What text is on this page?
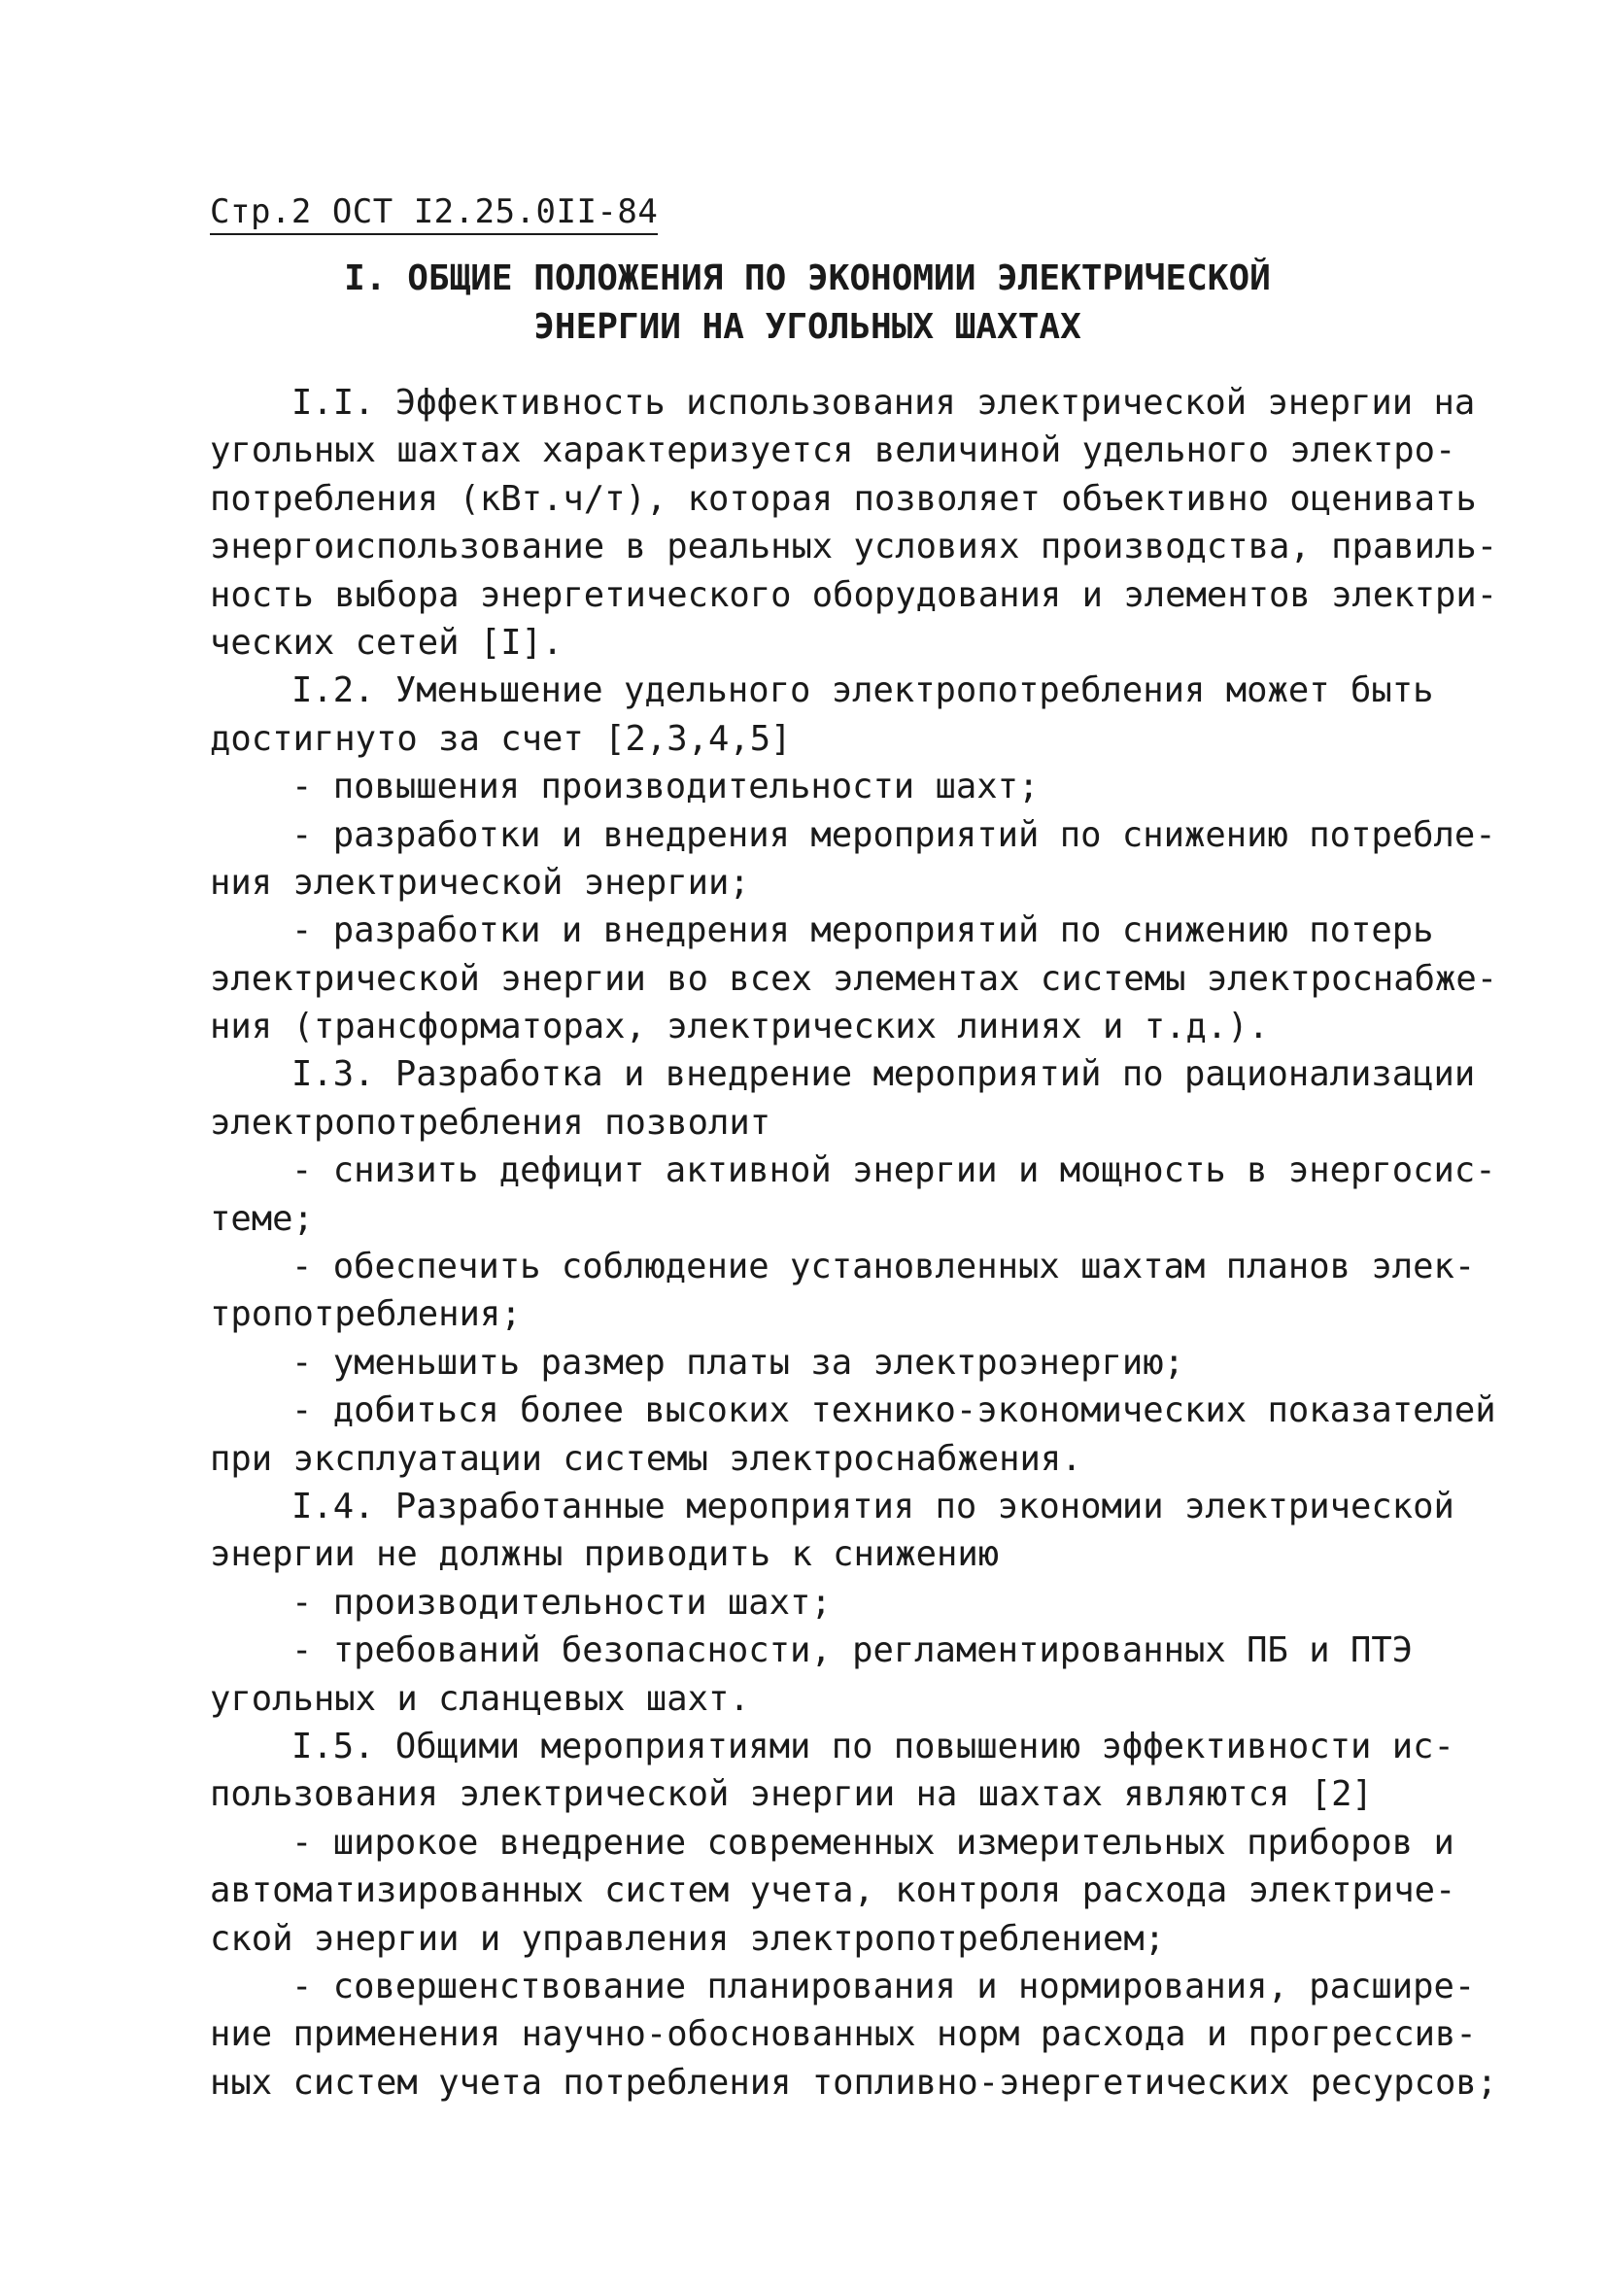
Стр.2 ОСТ I2.25.0II-84
I. ОБЩИЕ ПОЛОЖЕНИЯ ПО ЭКОНОМИИ ЭЛЕКТРИЧЕСКОЙ
ЭНЕРГИИ НА УГОЛЬНЫХ ШАХТАХ
I.I. Эффективность использования электрической энергии на
угольных шахтах характеризуется величиной удельного электро-
потребления (кВт.ч/т), которая позволяет объективно оценивать
энергоиспользование в реальных условиях производства, правиль-
ность выбора энергетического оборудования и элементов электри-
ческих сетей [I].
I.2. Уменьшение удельного электропотребления может быть
достигнуто за счет [2,3,4,5]
- повышения производительности шахт;
- разработки и внедрения мероприятий по снижению потребле-
ния электрической энергии;
- разработки и внедрения мероприятий по снижению потерь
электрической энергии во всех элементах системы электроснабже-
ния (трансформаторах, электрических линиях и т.д.).
I.3. Разработка и внедрение мероприятий по рационализации
электропотребления позволит
- снизить дефицит активной энергии и мощность в энергосис-
теме;
- обеспечить соблюдение установленных шахтам планов элек-
тропотребления;
- уменьшить размер платы за электроэнергию;
- добиться более высоких технико-экономических показателей
при эксплуатации системы электроснабжения.
I.4. Разработанные мероприятия по экономии электрической
энергии не должны приводить к снижению
- производительности шахт;
- требований безопасности, регламентированных ПБ и ПТЭ
угольных и сланцевых шахт.
I.5. Общими мероприятиями по повышению эффективности ис-
пользования электрической энергии на шахтах являются [2]
- широкое внедрение современных измерительных приборов и
автоматизированных систем учета, контроля расхода электриче-
ской энергии и управления электропотреблением;
- совершенствование планирования и нормирования, расшире-
ние применения научно-обоснованных норм расхода и прогрессив-
ных систем учета потребления топливно-энергетических ресурсов;
